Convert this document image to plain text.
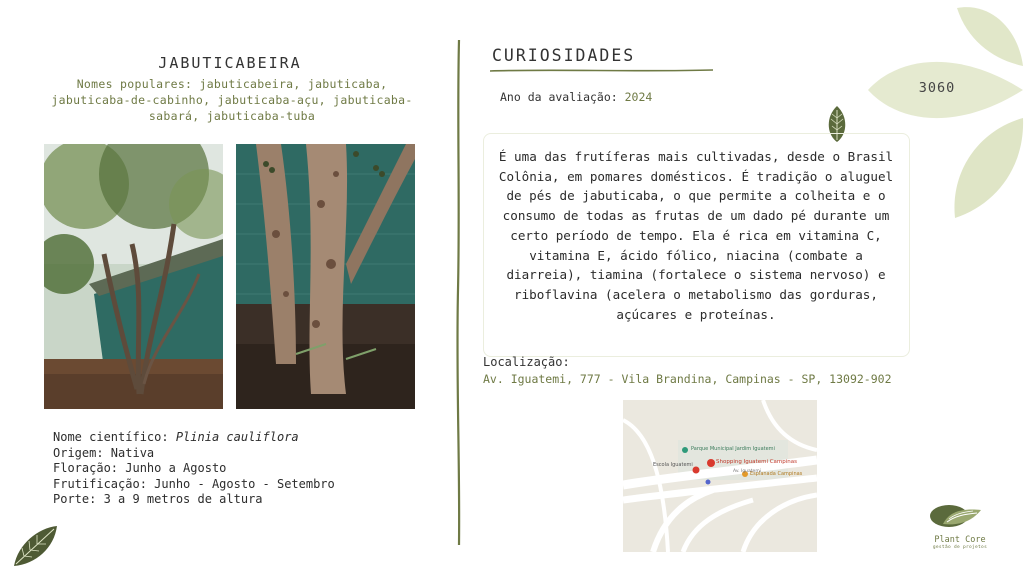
3060
JABUTICABEIRA
Nomes populares: jabuticabeira, jabuticaba, jabuticaba-de-cabinho, jabuticaba-açu, jabuticaba-sabará, jabuticaba-tuba
Nome científico: Plinia cauliflora
Origem: Nativa
Floração: Junho a Agosto
Frutificação: Junho - Agosto - Setembro
Porte: 3 a 9 metros de altura
CURIOSIDADES
Ano da avaliação: 2024
É uma das frutíferas mais cultivadas, desde o Brasil Colônia, em pomares domésticos. É tradição o aluguel de pés de jabuticaba, o que permite a colheita e o consumo de todas as frutas de um dado pé durante um certo período de tempo. Ela é rica em vitamina C, vitamina E, ácido fólico, niacina (combate a diarreia), tiamina (fortalece o sistema nervoso) e riboflavina (acelera o metabolismo das gorduras, açúcares e proteínas.
Localização:
Av. Iguatemi, 777 - Vila Brandina, Campinas - SP, 13092-902
Parque Municipal Jardim Iguatemi
Shopping Iguatemi Campinas
Escola Iguatemi
Esplanada Campinas
Av. Iguatemi
Plant Core
gestão de projetos
